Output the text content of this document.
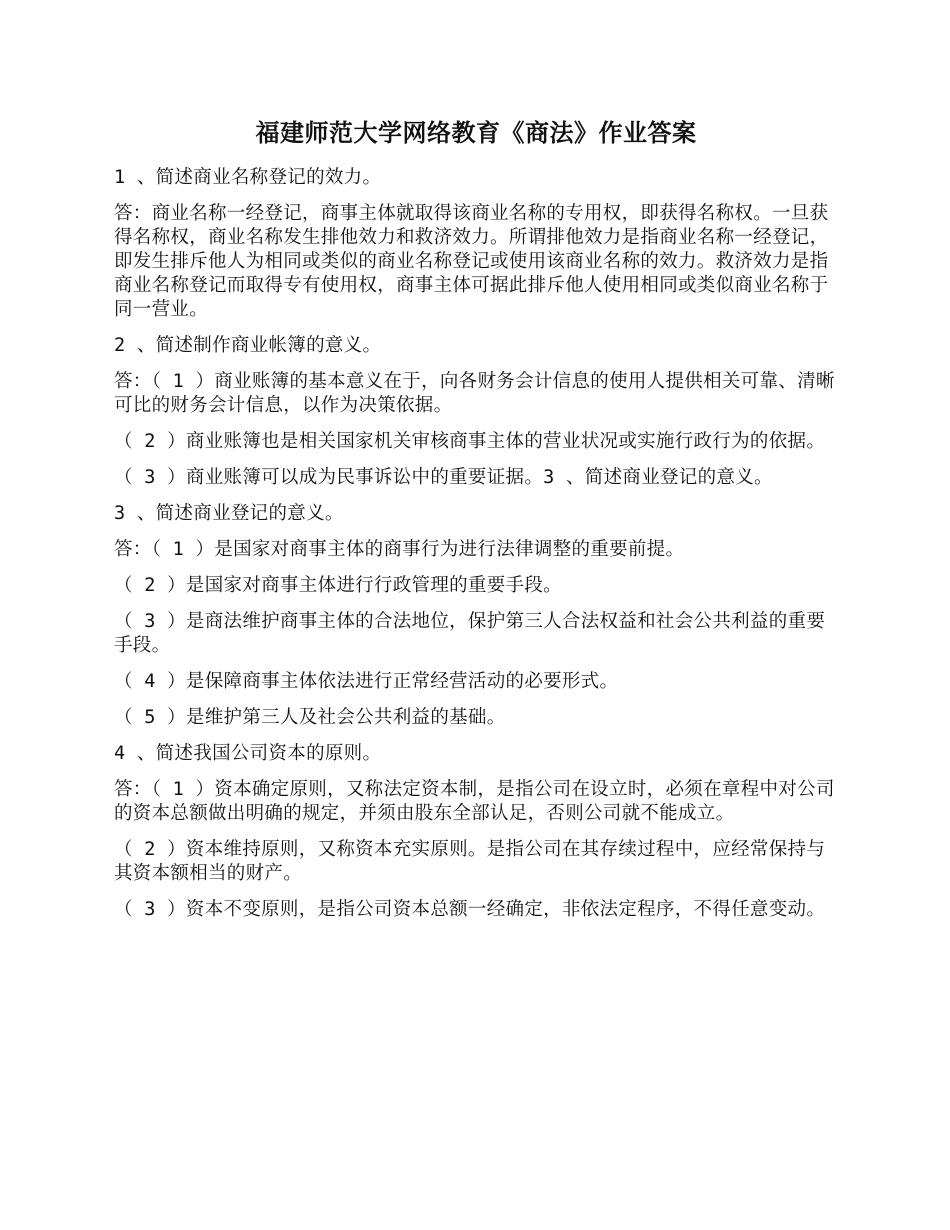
福建师范大学网络教育《商法》作业答案

1 、简述商业名称登记的效力。

答：商业名称一经登记，商事主体就取得该商业名称的专用权，即获得名称权。一旦获得名称权，商业名称发生排他效力和救济效力。所谓排他效力是指商业名称一经登记，即发生排斥他人为相同或类似的商业名称登记或使用该商业名称的效力。救济效力是指商业名称登记而取得专有使用权，商事主体可据此排斥他人使用相同或类似商业名称于同一营业。

2 、简述制作商业帐簿的意义。

答：（ 1 ）商业账簿的基本意义在于，向各财务会计信息的使用人提供相关可靠、清晰可比的财务会计信息，以作为决策依据。

（ 2 ）商业账簿也是相关国家机关审核商事主体的营业状况或实施行政行为的依据。

（ 3 ）商业账簿可以成为民事诉讼中的重要证据。3 、简述商业登记的意义。

3 、简述商业登记的意义。

答：（ 1 ）是国家对商事主体的商事行为进行法律调整的重要前提。

（ 2 ）是国家对商事主体进行行政管理的重要手段。

（ 3 ）是商法维护商事主体的合法地位，保护第三人合法权益和社会公共利益的重要手段。

（ 4 ）是保障商事主体依法进行正常经营活动的必要形式。

（ 5 ）是维护第三人及社会公共利益的基础。

4 、简述我国公司资本的原则。

答：（ 1 ）资本确定原则，又称法定资本制，是指公司在设立时，必须在章程中对公司的资本总额做出明确的规定，并须由股东全部认足，否则公司就不能成立。

（ 2 ）资本维持原则，又称资本充实原则。是指公司在其存续过程中，应经常保持与其资本额相当的财产。

（ 3 ）资本不变原则，是指公司资本总额一经确定，非依法定程序，不得任意变动。
